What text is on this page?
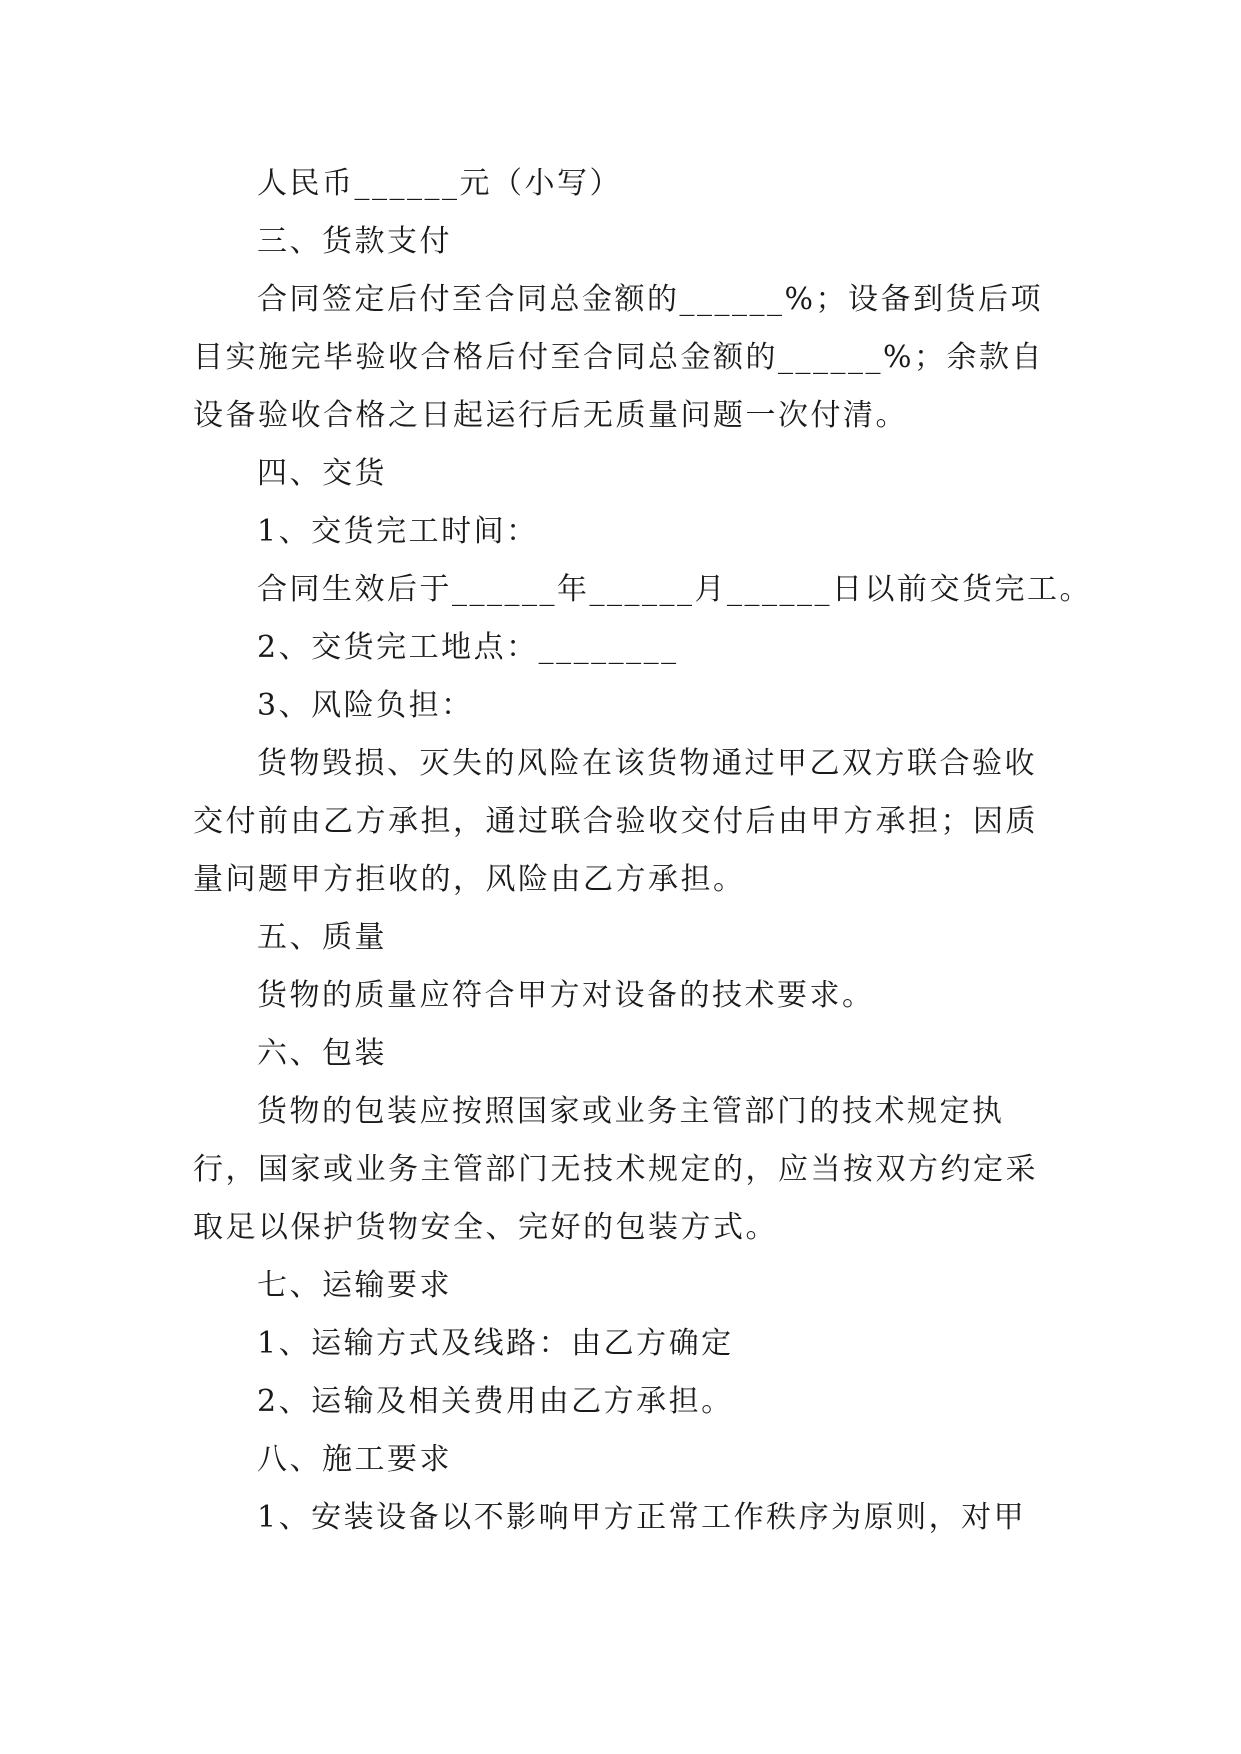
人民币______元（小写）
三、货款支付
合同签定后付至合同总金额的______%；设备到货后项
目实施完毕验收合格后付至合同总金额的______%；余款自
设备验收合格之日起运行后无质量问题一次付清。
四、交货
1、交货完工时间：
合同生效后于______年______月______日以前交货完工。
2、交货完工地点：________
3、风险负担：
货物毁损、灭失的风险在该货物通过甲乙双方联合验收
交付前由乙方承担，通过联合验收交付后由甲方承担；因质
量问题甲方拒收的，风险由乙方承担。
五、质量
货物的质量应符合甲方对设备的技术要求。
六、包装
货物的包装应按照国家或业务主管部门的技术规定执
行，国家或业务主管部门无技术规定的，应当按双方约定采
取足以保护货物安全、完好的包装方式。
七、运输要求
1、运输方式及线路：由乙方确定
2、运输及相关费用由乙方承担。
八、施工要求
1、安装设备以不影响甲方正常工作秩序为原则，对甲
